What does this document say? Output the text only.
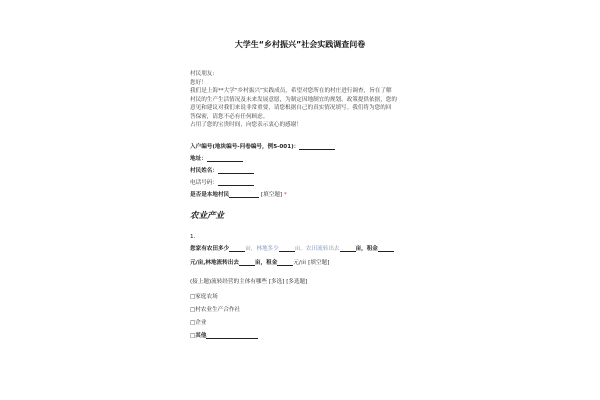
大学生“乡村振兴”社会实践调查问卷

村民朋友:

您好！

我们是上海**大学“乡村振兴”实践成员，希望对您所在的村庄进行调查，旨在了解

村民的生产生活情况及未来发展意愿，为制定因地制宜的规划、政策提供依据，您的

意见和建议对我们来说非常重要，请您根据自己的真实情况填写。我们将为您的回

答保密，请您不必有任何顾虑。

占用了您的宝贵时间，向您表示衷心的感谢！

入户编号(地块编号-问卷编号，例5-001)：
地址：
村民姓名：
电话号码：
是否是本地村民	[填空题] *
农业产业
1.
您家有农田多少	亩，林地多少	亩。农田流转出去	亩，租金
元/亩,林地流转出去	亩，租金	元/亩 [填空题]
(接上题)流转经营的主体有哪些 [多选] [多选题]
□家庭农场
□村农业生产合作社
□企业
□其他
